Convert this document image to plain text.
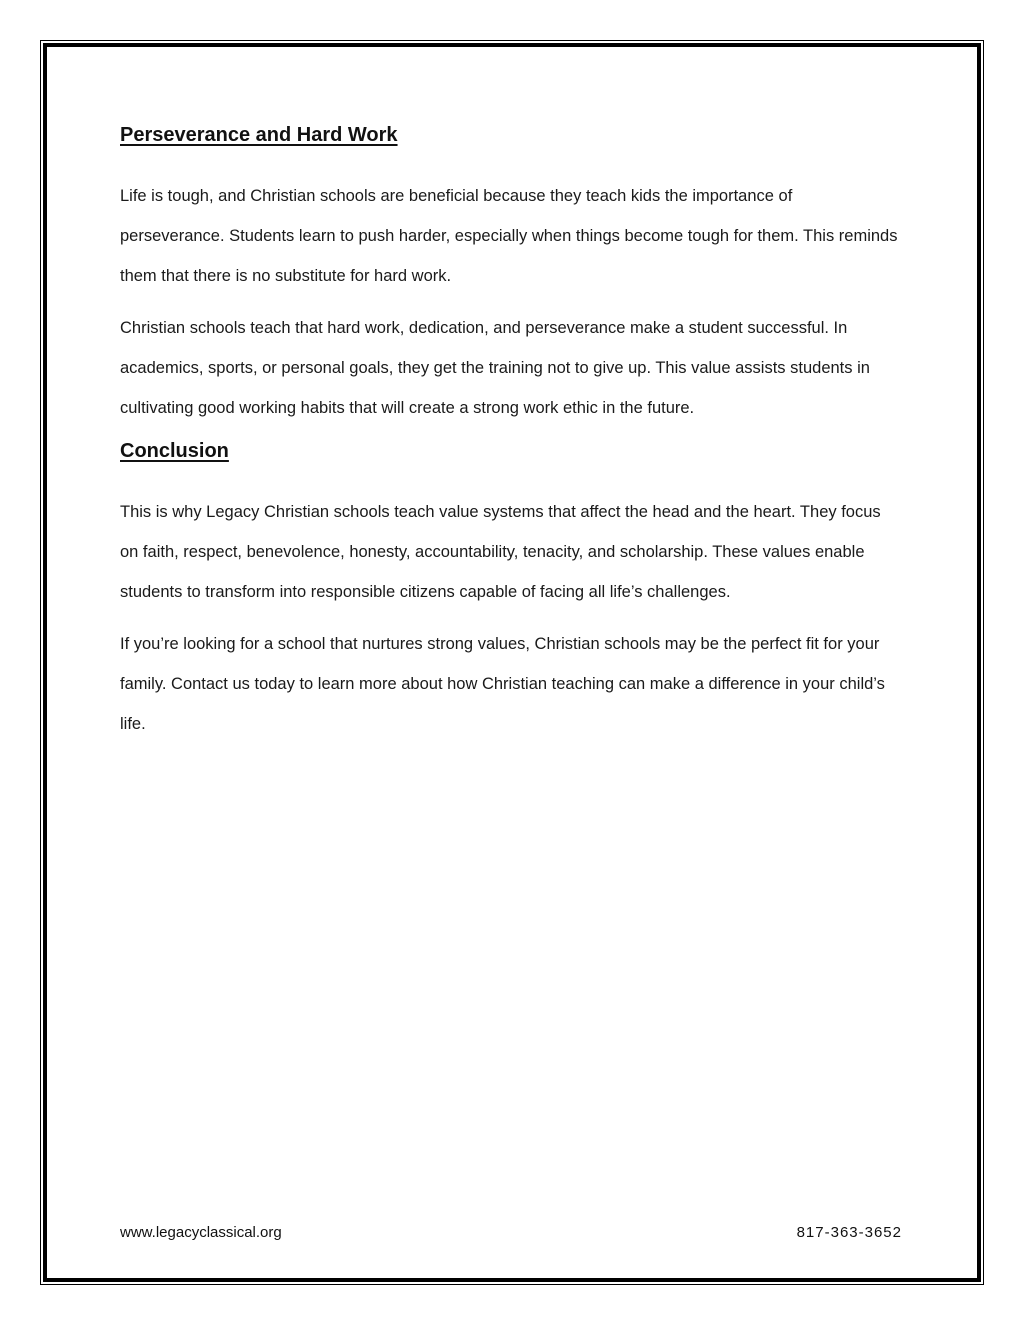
Perseverance and Hard Work

Life is tough, and Christian schools are beneficial because they teach kids the importance of perseverance. Students learn to push harder, especially when things become tough for them. This reminds them that there is no substitute for hard work.

Christian schools teach that hard work, dedication, and perseverance make a student successful. In academics, sports, or personal goals, they get the training not to give up. This value assists students in cultivating good working habits that will create a strong work ethic in the future.

Conclusion

This is why Legacy Christian schools teach value systems that affect the head and the heart. They focus on faith, respect, benevolence, honesty, accountability, tenacity, and scholarship. These values enable students to transform into responsible citizens capable of facing all life’s challenges.

If you’re looking for a school that nurtures strong values, Christian schools may be the perfect fit for your family. Contact us today to learn more about how Christian teaching can make a difference in your child’s life.

www.legacyclassical.org	817-363-3652
